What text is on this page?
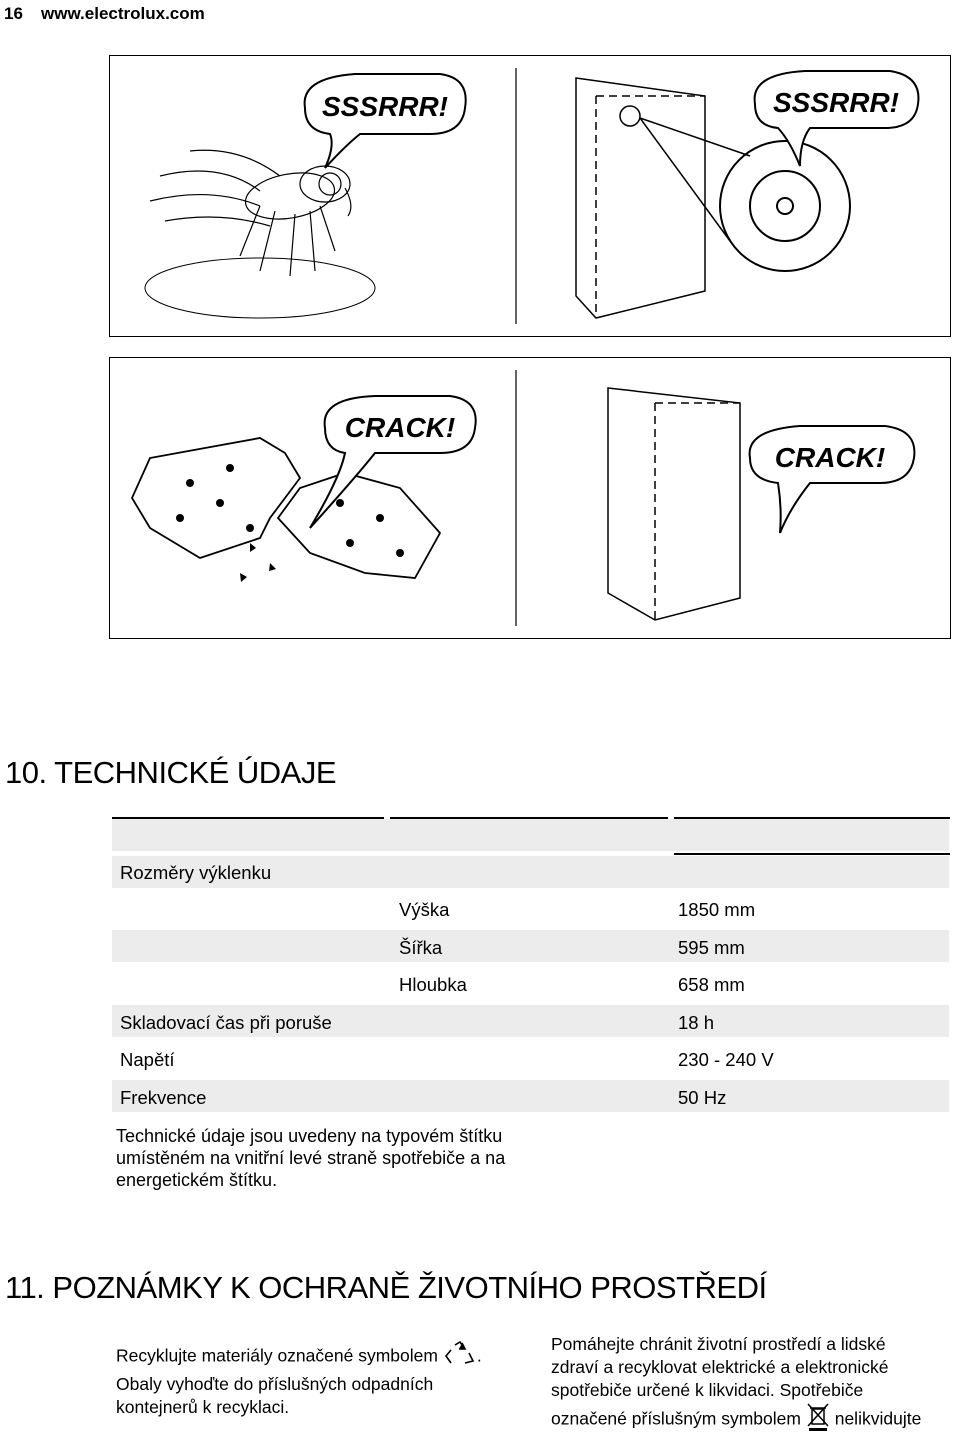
16 www.electrolux.com
SSSRRR!	SSSRRR!
CRACK!
CRACK!
10. TECHNICKÉ ÚDAJE
Rozměry výklenku
Výška	1850 mm
Šířka	595 mm
Hloubka	658 mm
Skladovací čas při poruše	18 h
Napětí	230 - 240 V
Frekvence	50 Hz
Technické údaje jsou uvedeny na typovém štítku umístěném na vnitřní levé straně spotřebiče a na energetickém štítku.
11. POZNÁMKY K OCHRANĚ ŽIVOTNÍHO PROSTŘEDÍ
Recyklujte materiály označené symbolem .
Obaly vyhoďte do příslušných odpadních kontejnerů k recyklaci.
Pomáhejte chránit životní prostředí a lidské zdraví a recyklovat elektrické a elektronické spotřebiče určené k likvidaci. Spotřebiče označené příslušným symbolem nelikvidujte
